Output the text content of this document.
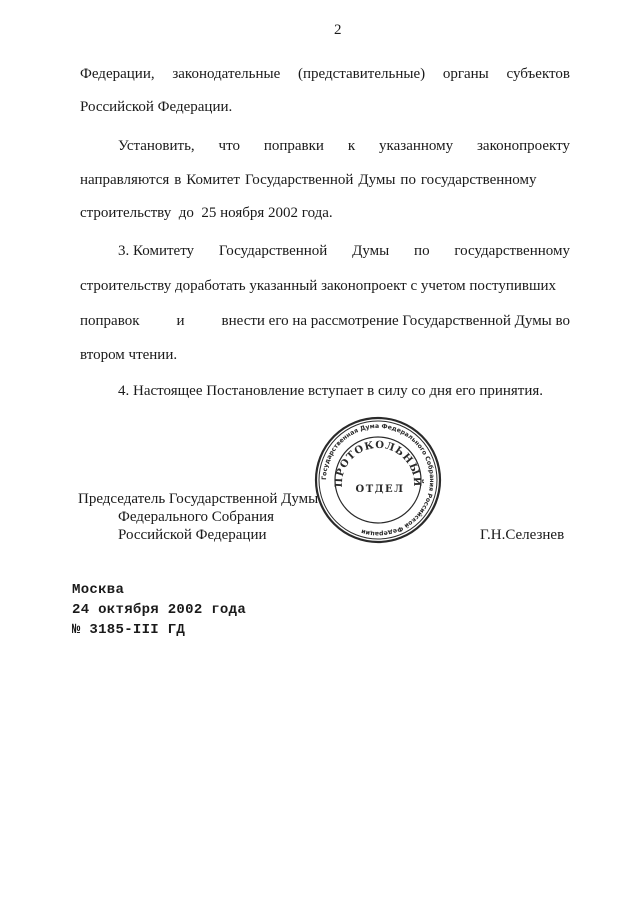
2
Федерации, законодательные (представительные) органы субъектов
Российской Федерации.
Установить, что поправки к указанному законопроекту
направляются в Комитет Государственной Думы по государственному
строительству  до  25 ноября 2002 года.
3. Комитету Государственной Думы по государственному
строительству доработать указанный законопроект с учетом поступивших
поправок и внести его на рассмотрение Государственной Думы во
втором чтении.
4. Настоящее Постановление вступает в силу со дня его принятия.
Государственная Дума Федерального Собрания Российской Федерации
ПРОТОКОЛЬНЫЙ
ОТДЕЛ
Председатель Государственной Думы
Федерального Собрания
Российской Федерации	Г.Н.Селезнев
Москва
24 октября 2002 года
№ 3185-III ГД
